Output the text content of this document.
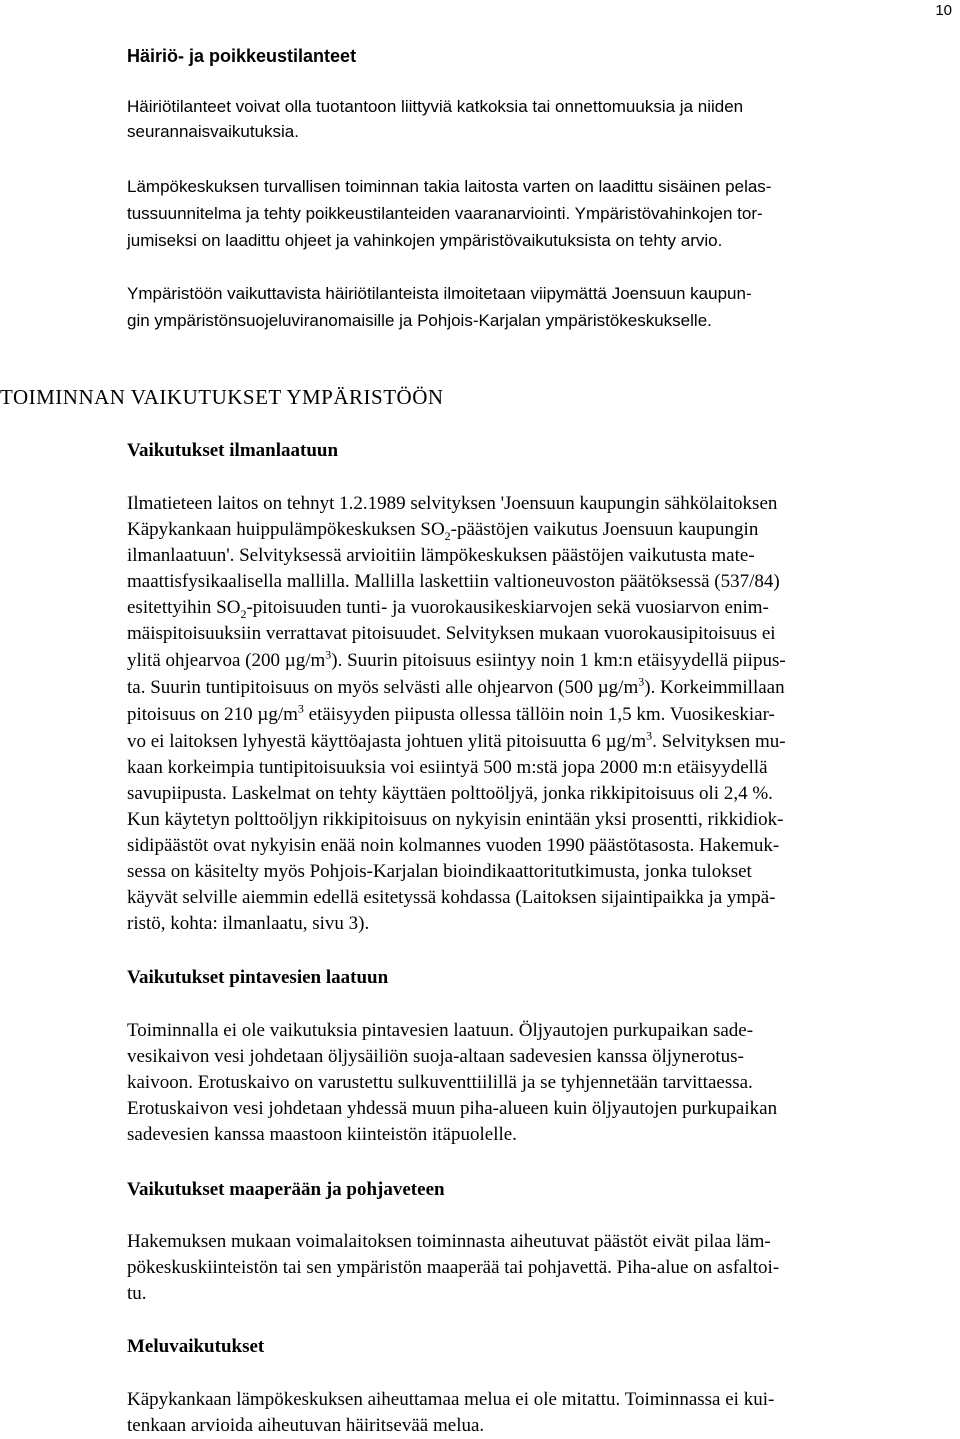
10
Häiriö- ja poikkeustilanteet
Häiriötilanteet voivat olla tuotantoon liittyviä katkoksia tai onnettomuuksia ja niiden
seurannaisvaikutuksia.
Lämpökeskuksen turvallisen toiminnan takia laitosta varten on laadittu sisäinen pelas-
tussuunnitelma ja tehty poikkeustilanteiden vaaranarviointi. Ympäristövahinkojen tor-
jumiseksi on laadittu ohjeet ja vahinkojen ympäristövaikutuksista on tehty arvio.
Ympäristöön vaikuttavista häiriötilanteista ilmoitetaan viipymättä Joensuun kaupun-
gin ympäristönsuojeluviranomaisille ja Pohjois-Karjalan ympäristökeskukselle.
TOIMINNAN VAIKUTUKSET YMPÄRISTÖÖN
Vaikutukset ilmanlaatuun
Ilmatieteen laitos on tehnyt 1.2.1989 selvityksen 'Joensuun kaupungin sähkölaitoksen
Käpykankaan huippulämpökeskuksen $SO_2$-päästöjen vaikutus Joensuun kaupungin
ilmanlaatuun'. Selvityksessä arvioitiin lämpökeskuksen päästöjen vaikutusta mate-
maattisfysikaalisella mallilla. Mallilla laskettiin valtioneuvoston päätöksessä (537/84)
esitettyihin $SO_2$-pitoisuuden tunti- ja vuorokausikeskiarvojen sekä vuosiarvon enim-
mäispitoisuuksiin verrattavat pitoisuudet. Selvityksen mukaan vuorokausipitoisuus ei
ylitä ohjearvoa (200 $\mu g/m^3$). Suurin pitoisuus esiintyy noin 1 km:n etäisyydellä piipus-
ta. Suurin tuntipitoisuus on myös selvästi alle ohjearvon (500 $\mu g/m^3$). Korkeimmillaan
pitoisuus on 210 $\mu g/m^3$ etäisyyden piipusta ollessa tällöin noin 1,5 km. Vuosikeskiar-
vo ei laitoksen lyhyestä käyttöajasta johtuen ylitä pitoisuutta 6 $\mu g/m^3$. Selvityksen mu-
kaan korkeimpia tuntipitoisuuksia voi esiintyä 500 m:stä jopa 2000 m:n etäisyydellä
savupiipusta. Laskelmat on tehty käyttäen polttoöljyä, jonka rikkipitoisuus oli 2,4 %.
Kun käytetyn polttoöljyn rikkipitoisuus on nykyisin enintään yksi prosentti, rikkidiok-
sidipäästöt ovat nykyisin enää noin kolmannes vuoden 1990 päästötasosta. Hakemuk-
sessa on käsitelty myös Pohjois-Karjalan bioindikaattoritutkimusta, jonka tulokset
käyvät selville aiemmin edellä esitetyssä kohdassa (Laitoksen sijaintipaikka ja ympä-
ristö, kohta: ilmanlaatu, sivu 3).
Vaikutukset pintavesien laatuun
Toiminnalla ei ole vaikutuksia pintavesien laatuun. Öljyautojen purkupaikan sade-
vesikaivon vesi johdetaan öljysäiliön suoja-altaan sadevesien kanssa öljynerotus-
kaivoon. Erotuskaivo on varustettu sulkuventtiilillä ja se tyhjennetään tarvittaessa.
Erotuskaivon vesi johdetaan yhdessä muun piha-alueen kuin öljyautojen purkupaikan
sadevesien kanssa maastoon kiinteistön itäpuolelle.
Vaikutukset maaperään ja pohjaveteen
Hakemuksen mukaan voimalaitoksen toiminnasta aiheutuvat päästöt eivät pilaa läm-
pökeskuskiinteistön tai sen ympäristön maaperää tai pohjavettä. Piha-alue on asfaltoi-
tu.
Meluvaikutukset
Käpykankaan lämpökeskuksen aiheuttamaa melua ei ole mitattu. Toiminnassa ei kui-
tenkaan arvioida aiheutuvan häiritsevää melua.
